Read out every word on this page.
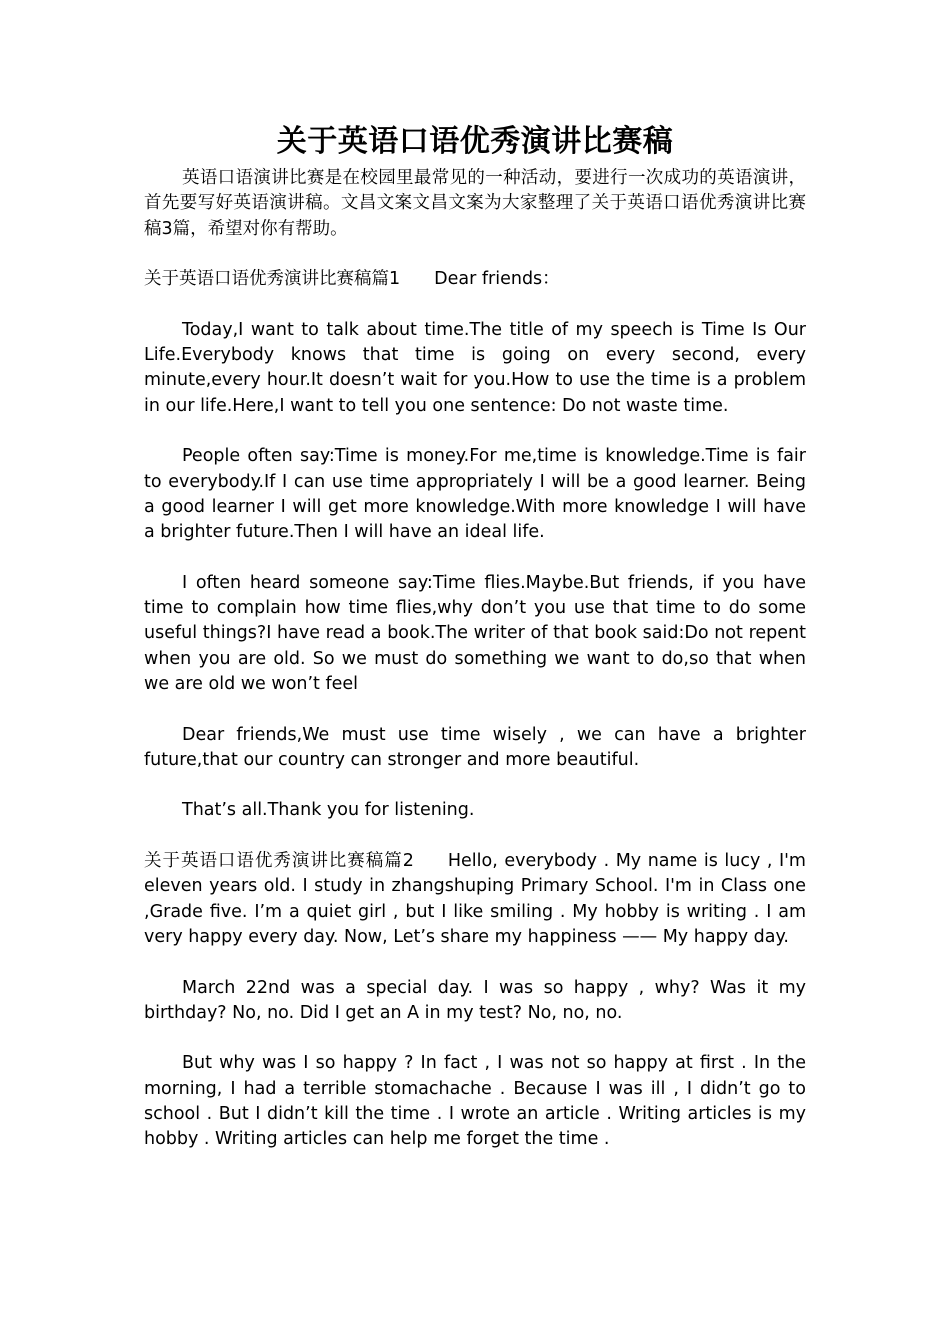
关于英语口语优秀演讲比赛稿

英语口语演讲比赛是在校园里最常见的一种活动，要进行一次成功的英语演讲，首先要写好英语演讲稿。文昌文案文昌文案为大家整理了关于英语口语优秀演讲比赛稿3篇，希望对你有帮助。

关于英语口语优秀演讲比赛稿篇1 Dear friends：

Today,I want to talk about time.The title of my speech is Time Is Our Life.Everybody knows that time is going on every second, every minute,every hour.It doesn’t wait for you.How to use the time is a problem in our life.Here,I want to tell you one sentence: Do not waste time.

People often say:Time is money.For me,time is knowledge.Time is fair to everybody.If I can use time appropriately I will be a good learner. Being a good learner I will get more knowledge.With more knowledge I will have a brighter future.Then I will have an ideal life.

I often heard someone say:Time flies.Maybe.But friends, if you have time to complain how time flies,why don’t you use that time to do some useful things?I have read a book.The writer of that book said:Do not repent when you are old. So we must do something we want to do,so that when we are old we won’t feel

Dear friends,We must use time wisely , we can have a brighter future,that our country can stronger and more beautiful.

That’s all.Thank you for listening.

关于英语口语优秀演讲比赛稿篇2 Hello, everybody . My name is lucy , I'm eleven years old. I study in zhangshuping Primary School. I'm in Class one ,Grade five. I’m a quiet girl , but I like smiling . My hobby is writing . I am very happy every day. Now, Let’s share my happiness —— My happy day.

March 22nd was a special day. I was so happy , why? Was it my birthday? No, no. Did I get an A in my test? No, no, no.

But why was I so happy ? In fact , I was not so happy at first . In the morning, I had a terrible stomachache . Because I was ill , I didn’t go to school . But I didn’t kill the time . I wrote an article . Writing articles is my hobby . Writing articles can help me forget the time .
